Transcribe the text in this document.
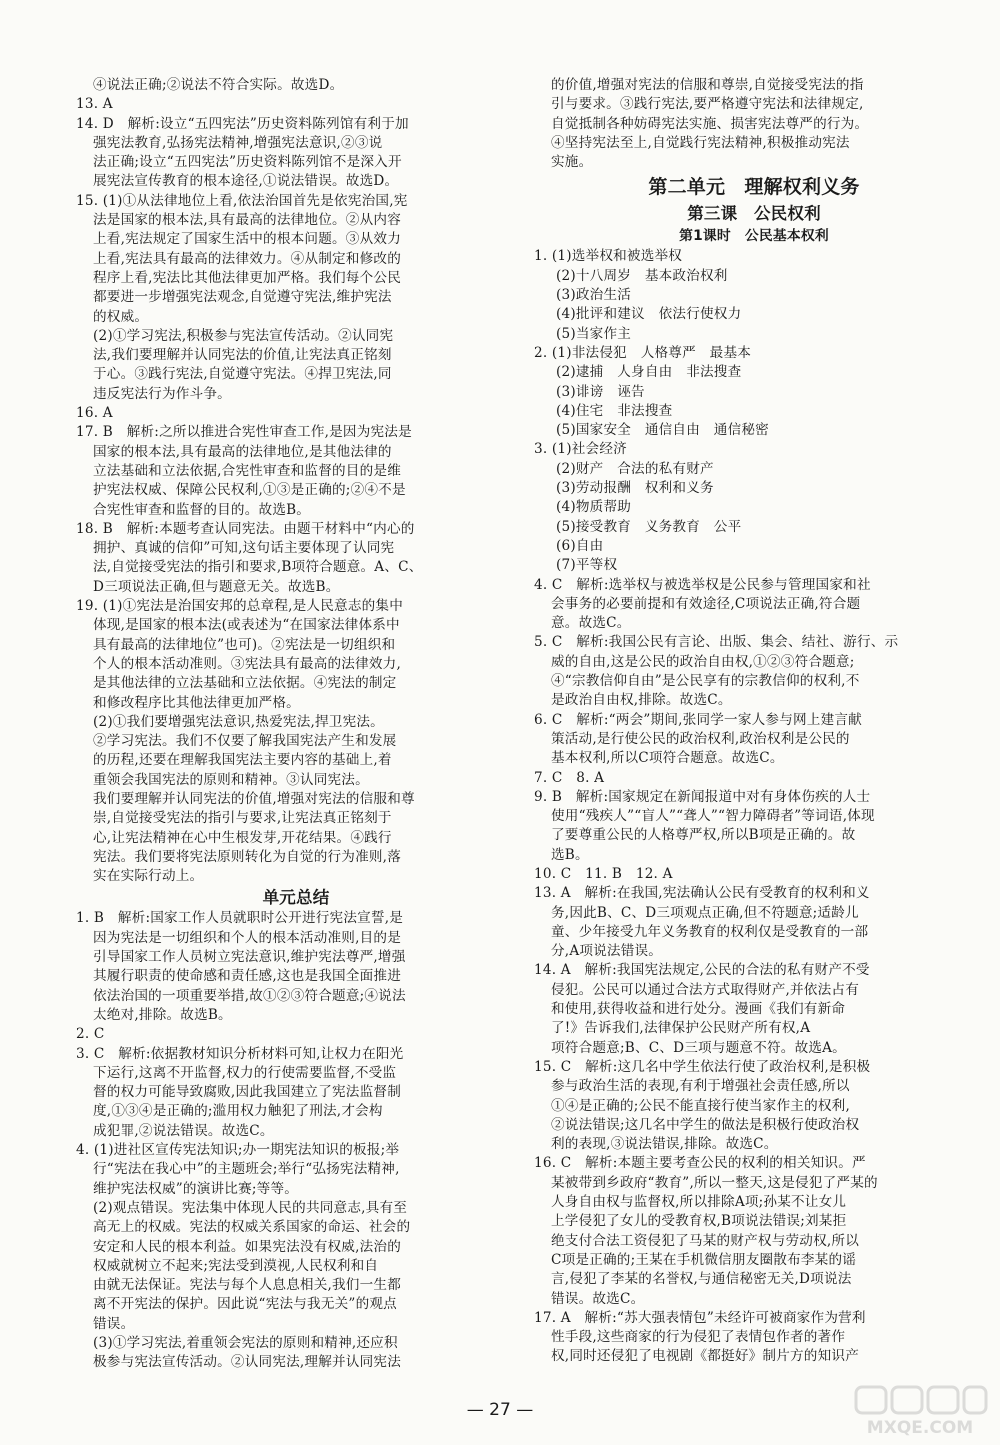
④说法正确;②说法不符合实际。故选D。
13. A
14. D　解析:设立“五四宪法”历史资料陈列馆有利于加
强宪法教育,弘扬宪法精神,增强宪法意识,②③说
法正确;设立“五四宪法”历史资料陈列馆不是深入开
展宪法宣传教育的根本途径,①说法错误。故选D。
15. (1)①从法律地位上看,依法治国首先是依宪治国,宪
法是国家的根本法,具有最高的法律地位。②从内容
上看,宪法规定了国家生活中的根本问题。③从效力
上看,宪法具有最高的法律效力。④从制定和修改的
程序上看,宪法比其他法律更加严格。我们每个公民
都要进一步增强宪法观念,自觉遵守宪法,维护宪法
的权威。
(2)①学习宪法,积极参与宪法宣传活动。②认同宪
法,我们要理解并认同宪法的价值,让宪法真正铭刻
于心。③践行宪法,自觉遵守宪法。④捍卫宪法,同
违反宪法行为作斗争。
16. A
17. B　解析:之所以推进合宪性审查工作,是因为宪法是
国家的根本法,具有最高的法律地位,是其他法律的
立法基础和立法依据,合宪性审查和监督的目的是维
护宪法权威、保障公民权利,①③是正确的;②④不是
合宪性审查和监督的目的。故选B。
18. B　解析:本题考查认同宪法。由题干材料中“内心的
拥护、真诚的信仰”可知,这句话主要体现了认同宪
法,自觉接受宪法的指引和要求,B项符合题意。A、C、
D三项说法正确,但与题意无关。故选B。
19. (1)①宪法是治国安邦的总章程,是人民意志的集中
体现,是国家的根本法(或表述为“在国家法律体系中
具有最高的法律地位”也可)。②宪法是一切组织和
个人的根本活动准则。③宪法具有最高的法律效力,
是其他法律的立法基础和立法依据。④宪法的制定
和修改程序比其他法律更加严格。
(2)①我们要增强宪法意识,热爱宪法,捍卫宪法。
②学习宪法。我们不仅要了解我国宪法产生和发展
的历程,还要在理解我国宪法主要内容的基础上,着
重领会我国宪法的原则和精神。③认同宪法。
我们要理解并认同宪法的价值,增强对宪法的信服和尊
崇,自觉接受宪法的指引与要求,让宪法真正铭刻于
心,让宪法精神在心中生根发芽,开花结果。④践行
宪法。我们要将宪法原则转化为自觉的行为准则,落
实在实际行动上。
单元总结
1. B　解析:国家工作人员就职时公开进行宪法宣誓,是
因为宪法是一切组织和个人的根本活动准则,目的是
引导国家工作人员树立宪法意识,维护宪法尊严,增强
其履行职责的使命感和责任感,这也是我国全面推进
依法治国的一项重要举措,故①②③符合题意;④说法
太绝对,排除。故选B。
2. C
3. C　解析:依据教材知识分析材料可知,让权力在阳光
下运行,这离不开监督,权力的行使需要监督,不受监
督的权力可能导致腐败,因此我国建立了宪法监督制
度,①③④是正确的;滥用权力触犯了刑法,才会构
成犯罪,②说法错误。故选C。
4. (1)进社区宣传宪法知识;办一期宪法知识的板报;举
行“宪法在我心中”的主题班会;举行“弘扬宪法精神,
维护宪法权威”的演讲比赛;等等。
(2)观点错误。宪法集中体现人民的共同意志,具有至
高无上的权威。宪法的权威关系国家的命运、社会的
安定和人民的根本利益。如果宪法没有权威,法治的
权威就树立不起来;宪法受到漠视,人民权利和自
由就无法保证。宪法与每个人息息相关,我们一生都
离不开宪法的保护。因此说“宪法与我无关”的观点
错误。
(3)①学习宪法,着重领会宪法的原则和精神,还应积
极参与宪法宣传活动。②认同宪法,理解并认同宪法
的价值,增强对宪法的信服和尊崇,自觉接受宪法的指
引与要求。③践行宪法,要严格遵守宪法和法律规定,
自觉抵制各种妨碍宪法实施、损害宪法尊严的行为。
④坚持宪法至上,自觉践行宪法精神,积极推动宪法
实施。
第二单元　理解权利义务
第三课　公民权利
第1课时　公民基本权利
1. (1)选举权和被选举权
(2)十八周岁　基本政治权利
(3)政治生活
(4)批评和建议　依法行使权力
(5)当家作主
2. (1)非法侵犯　人格尊严　最基本
(2)逮捕　人身自由　非法搜查
(3)诽谤　诬告
(4)住宅　非法搜查
(5)国家安全　通信自由　通信秘密
3. (1)社会经济
(2)财产　合法的私有财产
(3)劳动报酬　权利和义务
(4)物质帮助
(5)接受教育　义务教育　公平
(6)自由
(7)平等权
4. C　解析:选举权与被选举权是公民参与管理国家和社
会事务的必要前提和有效途径,C项说法正确,符合题
意。故选C。
5. C　解析:我国公民有言论、出版、集会、结社、游行、示
威的自由,这是公民的政治自由权,①②③符合题意;
④“宗教信仰自由”是公民享有的宗教信仰的权利,不
是政治自由权,排除。故选C。
6. C　解析:“两会”期间,张同学一家人参与网上建言献
策活动,是行使公民的政治权利,政治权利是公民的
基本权利,所以C项符合题意。故选C。
7. C　8. A
9. B　解析:国家规定在新闻报道中对有身体伤疾的人士
使用“残疾人”“盲人”“聋人”“智力障碍者”等词语,体现
了要尊重公民的人格尊严权,所以B项是正确的。故
选B。
10. C　11. B　12. A
13. A　解析:在我国,宪法确认公民有受教育的权利和义
务,因此B、C、D三项观点正确,但不符题意;适龄儿
童、少年接受九年义务教育的权利仅是受教育的一部
分,A项说法错误。
14. A　解析:我国宪法规定,公民的合法的私有财产不受
侵犯。公民可以通过合法方式取得财产,并依法占有
和使用,获得收益和进行处分。漫画《我们有新命
了!》告诉我们,法律保护公民财产所有权,A
项符合题意;B、C、D三项与题意不符。故选A。
15. C　解析:这几名中学生依法行使了政治权利,是积极
参与政治生活的表现,有利于增强社会责任感,所以
①④是正确的;公民不能直接行使当家作主的权利,
②说法错误;这几名中学生的做法是积极行使政治权
利的表现,③说法错误,排除。故选C。
16. C　解析:本题主要考查公民的权利的相关知识。严
某被带到乡政府“教育”,所以一整天,这是侵犯了严某的
人身自由权与监督权,所以排除A项;孙某不让女儿
上学侵犯了女儿的受教育权,B项说法错误;刘某拒
绝支付合法工资侵犯了马某的财产权与劳动权,所以
C项是正确的;王某在手机微信朋友圈散布李某的谣
言,侵犯了李某的名誉权,与通信秘密无关,D项说法
错误。故选C。
17. A　解析:“苏大强表情包”未经许可被商家作为营利
性手段,这些商家的行为侵犯了表情包作者的著作
权,同时还侵犯了电视剧《都挺好》制片方的知识产
— 27 —
MXQE.COM
